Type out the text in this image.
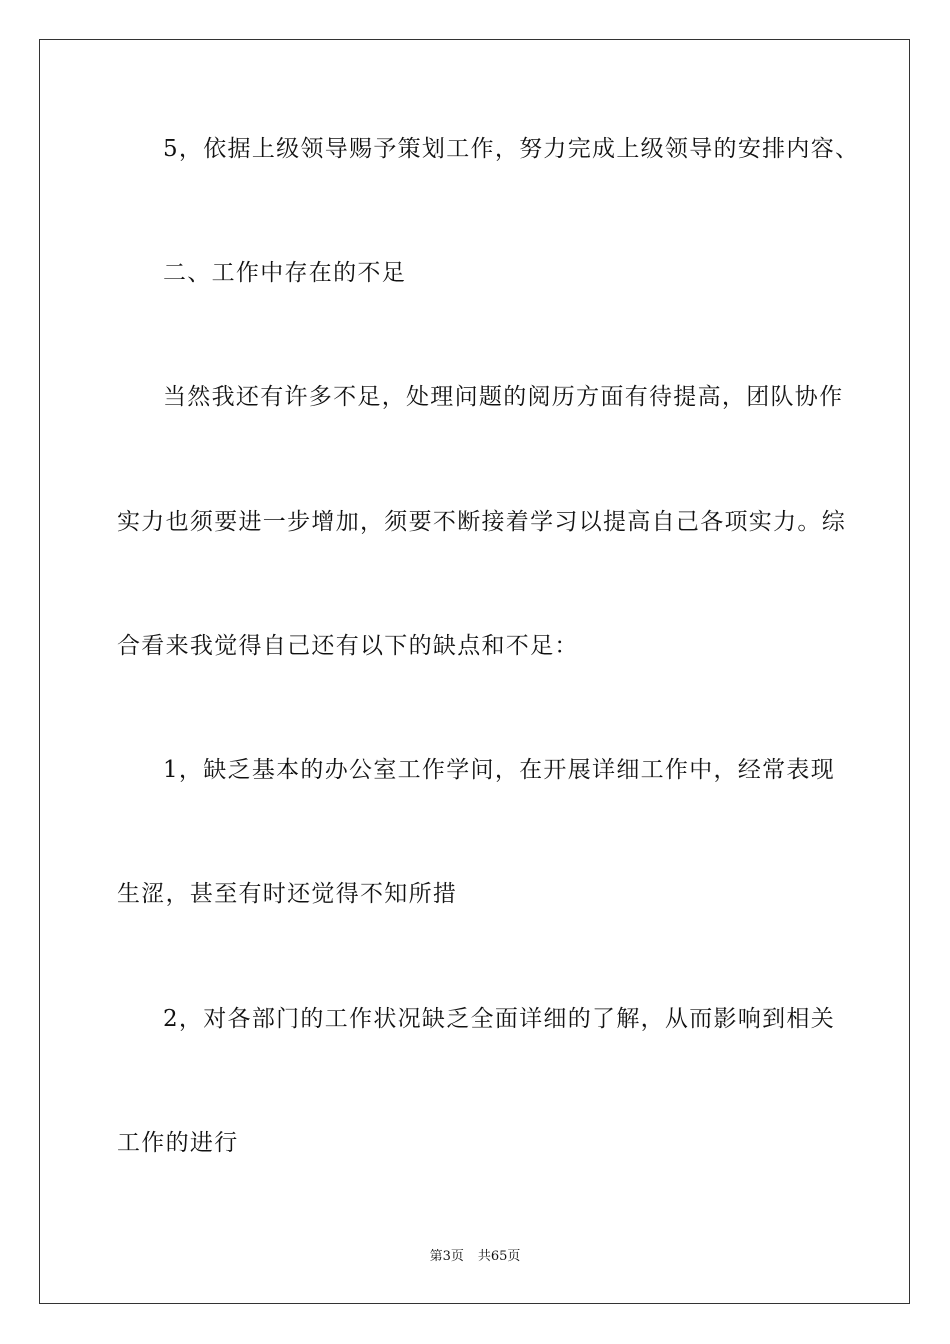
5，依据上级领导赐予策划工作，努力完成上级领导的安排内容、
二、工作中存在的不足
当然我还有许多不足，处理问题的阅历方面有待提高，团队协作
实力也须要进一步增加，须要不断接着学习以提高自己各项实力。综
合看来我觉得自己还有以下的缺点和不足：
1，缺乏基本的办公室工作学问，在开展详细工作中，经常表现
生涩，甚至有时还觉得不知所措
2，对各部门的工作状况缺乏全面详细的了解，从而影响到相关
工作的进行
第3页 共65页
